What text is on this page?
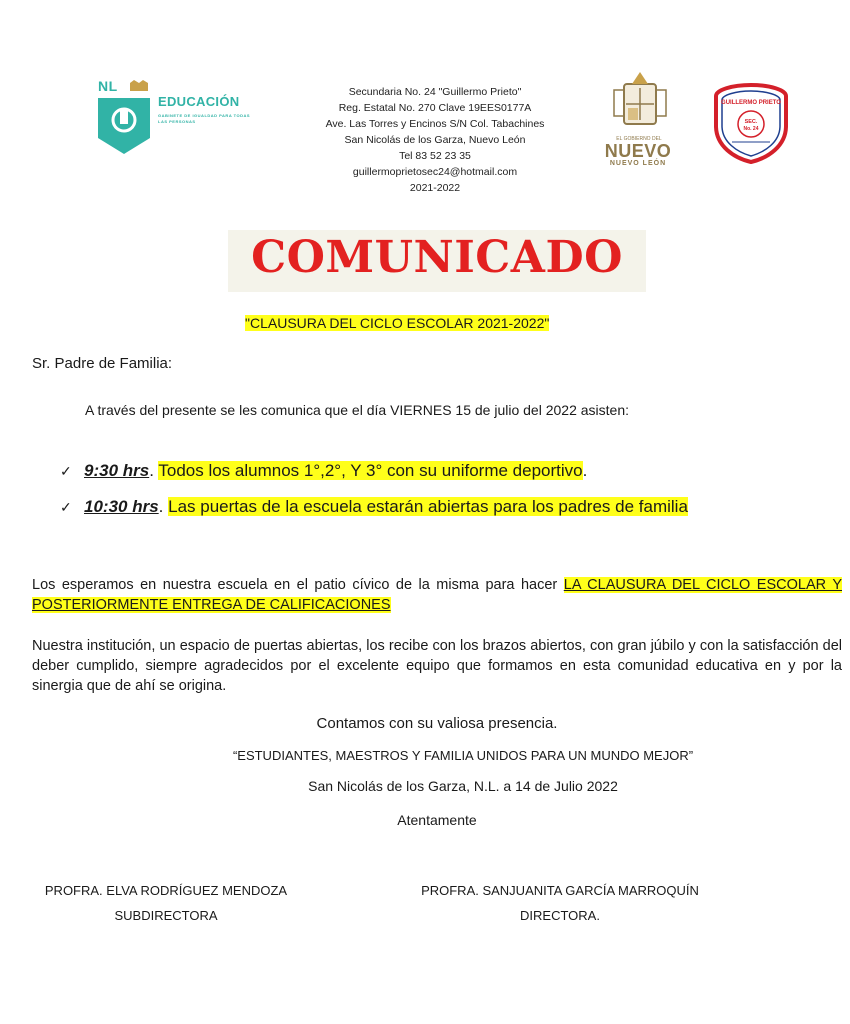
NL
EDUCACIÓN
GABINETE DE IGUALDAD PARA TODAS LAS PERSONAS
Secundaria No. 24 "Guillermo Prieto"
Reg. Estatal No. 270 Clave 19EES0177A
Ave. Las Torres y Encinos S/N Col. Tabachines
San Nicolás de los Garza, Nuevo León
Tel 83 52 23 35
guillermoprietosec24@hotmail.com
2021-2022
EL GOBIERNO DEL
NUEVO
NUEVO LEÓN
GUILLERMO PRIETO
SEC.
No. 24
COMUNICADO
"CLAUSURA DEL CICLO ESCOLAR 2021-2022"
Sr. Padre de Familia:
A través del presente se les comunica que el día VIERNES 15 de julio del 2022 asisten:
✓ 9:30 hrs. Todos los alumnos 1°,2°, Y 3° con su uniforme deportivo.
✓ 10:30 hrs. Las puertas de la escuela estarán abiertas para los padres de familia
Los esperamos en nuestra escuela en el patio cívico de la misma para hacer LA CLAUSURA DEL CICLO ESCOLAR Y POSTERIORMENTE ENTREGA DE CALIFICACIONES
Nuestra institución, un espacio de puertas abiertas, los recibe con los brazos abiertos, con gran júbilo y con la satisfacción del deber cumplido, siempre agradecidos por el excelente equipo que formamos en esta comunidad educativa en y por la sinergia que de ahí se origina.
Contamos con su valiosa presencia.
“ESTUDIANTES, MAESTROS Y FAMILIA UNIDOS PARA UN MUNDO MEJOR”
San Nicolás de los Garza, N.L. a 14 de Julio 2022
Atentamente
PROFRA. ELVA RODRÍGUEZ MENDOZA
SUBDIRECTORA
PROFRA. SANJUANITA GARCÍA MARROQUÍN
DIRECTORA.
